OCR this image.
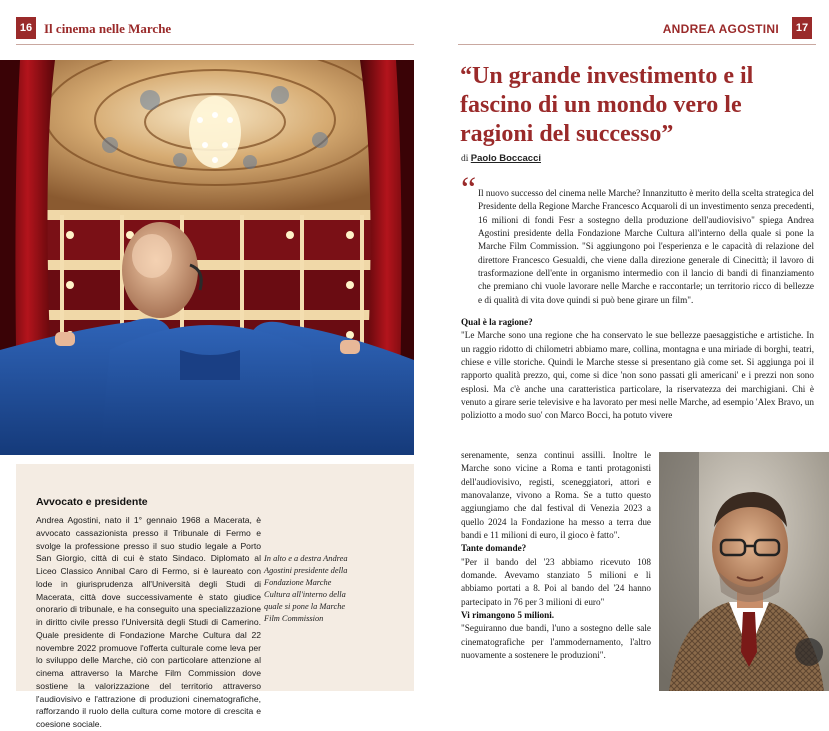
16 Il cinema nelle Marche	ANDREA AGOSTINI	17
Avvocato e presidente

Andrea Agostini, nato il 1° gennaio 1968 a Macerata, è avvocato cassazionista presso il Tribunale di Fermo e svolge la professione presso il suo studio legale a Porto San Giorgio, città di cui è stato Sindaco. Diplomato al Liceo Classico Annibal Caro di Fermo, si è laureato con lode in giurisprudenza all'Università degli Studi di Macerata, città dove successivamente è stato giudice onorario di tribunale, e ha conseguito una specializzazione in diritto civile presso l'Università degli Studi di Camerino. Quale presidente di Fondazione Marche Cultura dal 22 novembre 2022 promuove l'offerta culturale come leva per lo sviluppo delle Marche, ciò con particolare attenzione al cinema attraverso la Marche Film Commission dove sostiene la valorizzazione del territorio attraverso l'audiovisivo e l'attrazione di produzioni cinematografiche, rafforzando il ruolo della cultura come motore di crescita e coesione sociale.

In alto e a destra Andrea Agostini presidente della Fondazione Marche Cultura all'interno della quale si pone la Marche Film Commission

“Un grande investimento e il fascino di un mondo vero le ragioni del successo”
di Paolo Boccacci
“ Il nuovo successo del cinema nelle Marche? Innanzitutto è merito della scelta strategica del Presidente della Regione Marche Francesco Acquaroli di un investimento senza precedenti, 16 milioni di fondi Fesr a sostegno della produzione dell'audiovisivo" spiega Andrea Agostini presidente della Fondazione Marche Cultura all'interno della quale si pone la Marche Film Commission. "Si aggiungono poi l'esperienza e le capacità di relazione del direttore Francesco Gesualdi, che viene dalla direzione generale di Cinecittà; il lavoro di trasformazione dell'ente in organismo intermedio con il lancio di bandi di finanziamento che premiano chi vuole lavorare nelle Marche e raccontarle; un territorio ricco di bellezze e di qualità di vita dove quindi si può bene girare un film".

Qual è la ragione?
"Le Marche sono una regione che ha conservato le sue bellezze paesaggistiche e artistiche. In un raggio ridotto di chilometri abbiamo mare, collina, montagna e una miriade di borghi, teatri, chiese e ville storiche. Quindi le Marche stesse si presentano già come set. Si aggiunga poi il rapporto qualità prezzo, qui, come si dice 'non sono passati gli americani' e i prezzi non sono esplosi. Ma c'è anche una caratteristica particolare, la riservatezza dei marchigiani. Chi è venuto a girare serie televisive e ha lavorato per mesi nelle Marche, ad esempio 'Alex Bravo, un poliziotto a modo suo' con Marco Bocci, ha potuto vivere
serenamente, senza continui assilli. Inoltre le Marche sono vicine a Roma e tanti protagonisti dell'audiovisivo, registi, sceneggiatori, attori e manovalanze, vivono a Roma. Se a tutto questo aggiungiamo che dal festival di Venezia 2023 a quello 2024 la Fondazione ha messo a terra due bandi e 11 milioni di euro, il gioco è fatto".
Tante domande?
"Per il bando del '23 abbiamo ricevuto 108 domande. Avevamo stanziato 5 milioni e li abbiamo portati a 8. Poi al bando del '24 hanno partecipato in 76 per 3 milioni di euro"
Vi rimangono 5 milioni.
"Seguiranno due bandi, l'uno a sostegno delle sale cinematografiche per l'ammodernamento, l'altro nuovamente a sostenere le produzioni".
